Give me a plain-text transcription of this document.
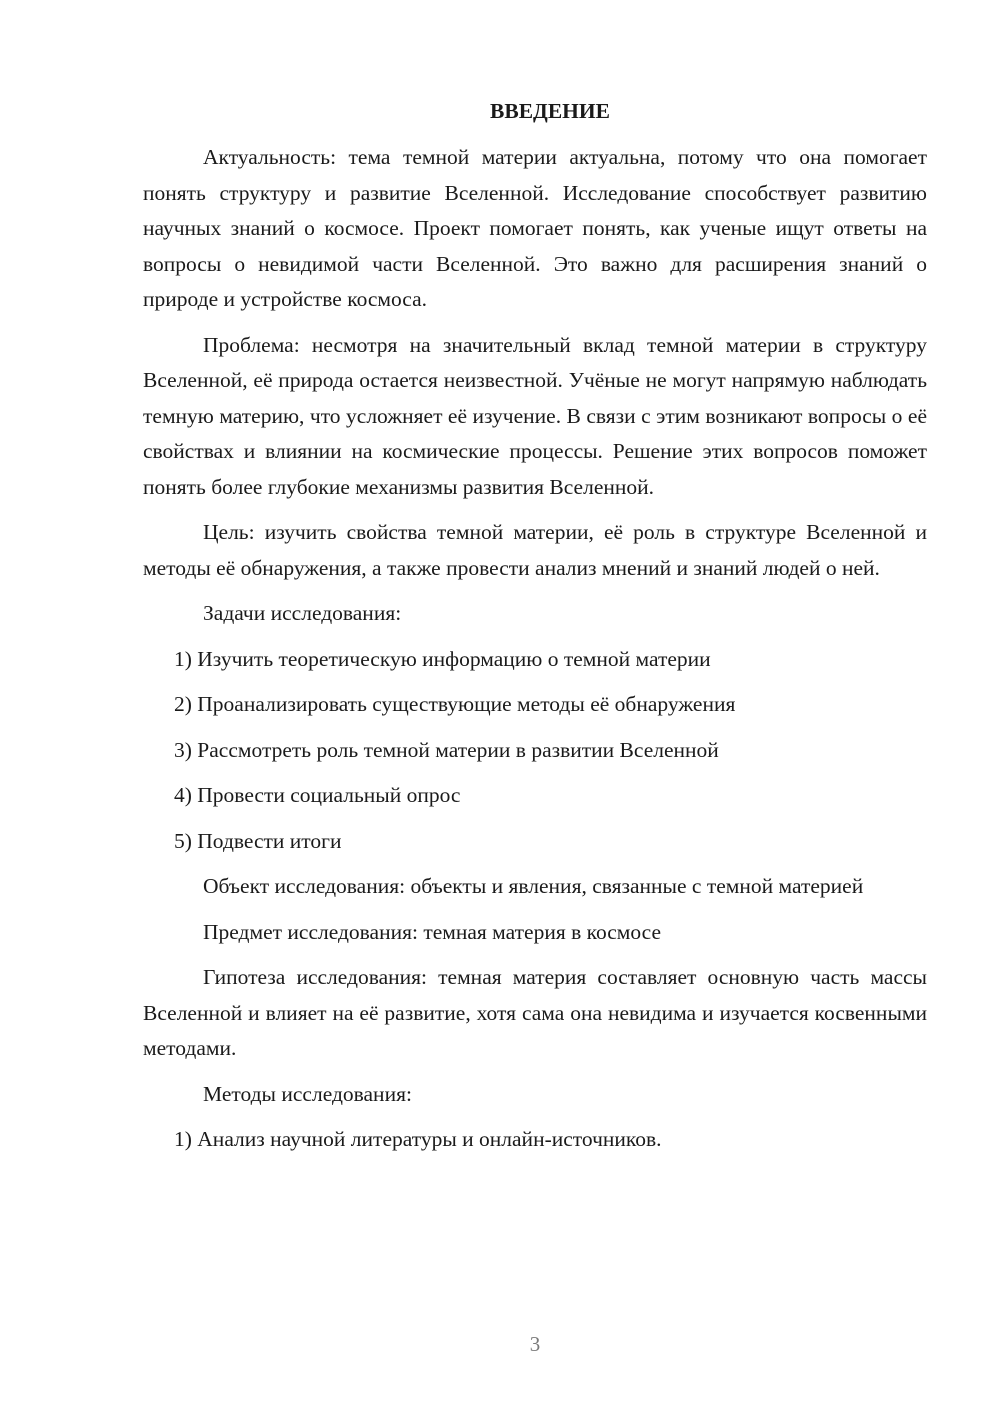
ВВЕДЕНИЕ

Актуальность: тема темной материи актуальна, потому что она помогает понять структуру и развитие Вселенной. Исследование способствует развитию научных знаний о космосе. Проект помогает понять, как ученые ищут ответы на вопросы о невидимой части Вселенной. Это важно для расширения знаний о природе и устройстве космоса.

Проблема: несмотря на значительный вклад темной материи в структуру Вселенной, её природа остается неизвестной. Учёные не могут напрямую наблюдать темную материю, что усложняет её изучение. В связи с этим возникают вопросы о её свойствах и влиянии на космические процессы. Решение этих вопросов поможет понять более глубокие механизмы развития Вселенной.

Цель: изучить свойства темной материи, её роль в структуре Вселенной и методы её обнаружения, а также провести анализ мнений и знаний людей о ней.

Задачи исследования:

1) Изучить теоретическую информацию о темной материи
2) Проанализировать существующие методы её обнаружения
3) Рассмотреть роль темной материи в развитии Вселенной
4) Провести социальный опрос
5) Подвести итоги

Объект исследования: объекты и явления, связанные с темной материей

Предмет исследования: темная материя в космосе

Гипотеза исследования: темная материя составляет основную часть массы Вселенной и влияет на её развитие, хотя сама она невидима и изучается косвенными методами.

Методы исследования:

1) Анализ научной литературы и онлайн-источников.
3
